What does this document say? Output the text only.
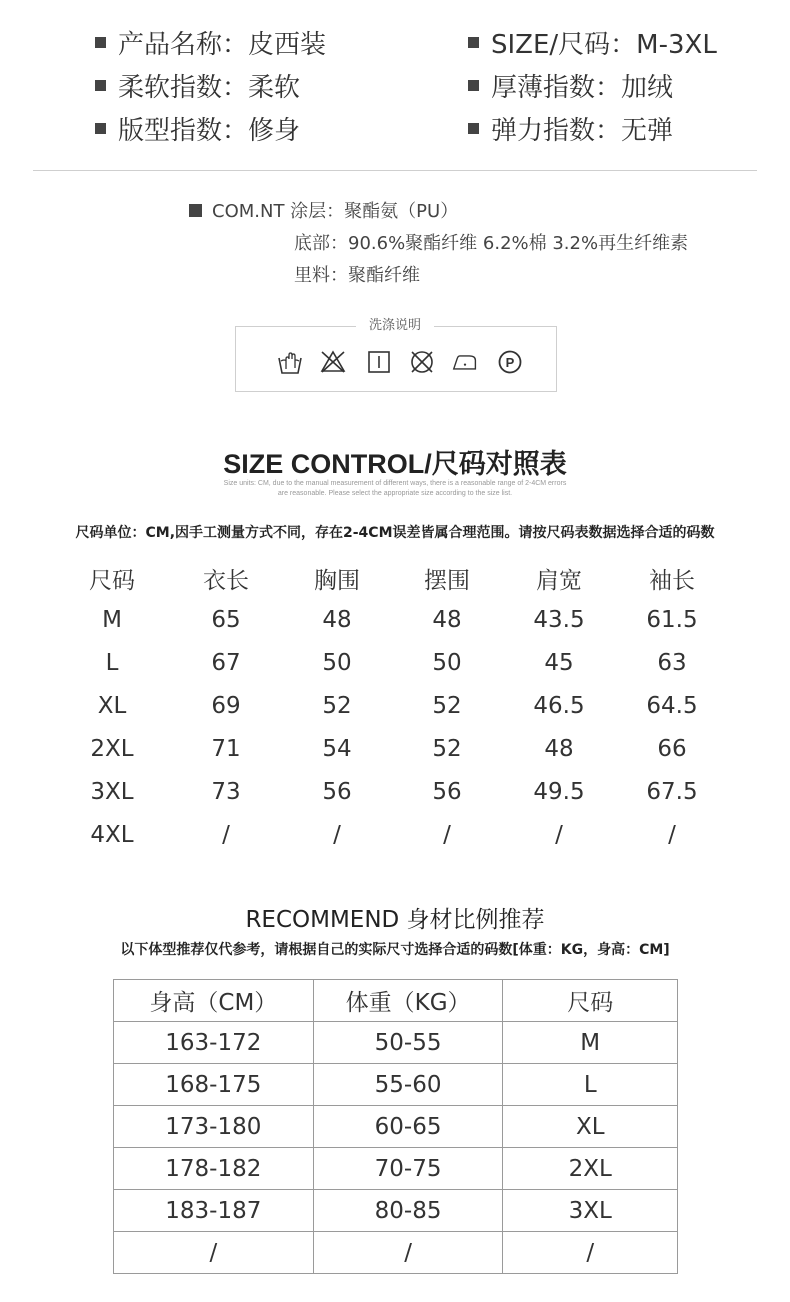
产品名称：皮西装
柔软指数：柔软
版型指数：修身
SIZE/尺码：M-3XL
厚薄指数：加绒
弹力指数：无弹
COM.NT 涂层：聚酯氨（PU）
底部：90.6%聚酯纤维 6.2%棉 3.2%再生纤维素
里料：聚酯纤维
洗涤说明
P
SIZE CONTROL/尺码对照表
Size units: CM, due to the manual measurement of different ways, there is a reasonable range of 2-4CM errors
are reasonable. Please select the appropriate size according to the size list.
尺码单位：CM,因手工测量方式不同，存在2-4CM误差皆属合理范围。请按尺码表数据选择合适的码数
尺码	衣长	胸围	摆围	肩宽	袖长
M	65	48	48	43.5	61.5
L	67	50	50	45	63
XL	69	52	52	46.5	64.5
2XL	71	54	52	48	66
3XL	73	56	56	49.5	67.5
4XL	/	/	/	/	/
RECOMMEND 身材比例推荐
以下体型推荐仅代参考，请根据自己的实际尺寸选择合适的码数[体重：KG，身高：CM]
身高（CM）	体重（KG）	尺码
163-172	50-55	M
168-175	55-60	L
173-180	60-65	XL
178-182	70-75	2XL
183-187	80-85	3XL
/	/	/
